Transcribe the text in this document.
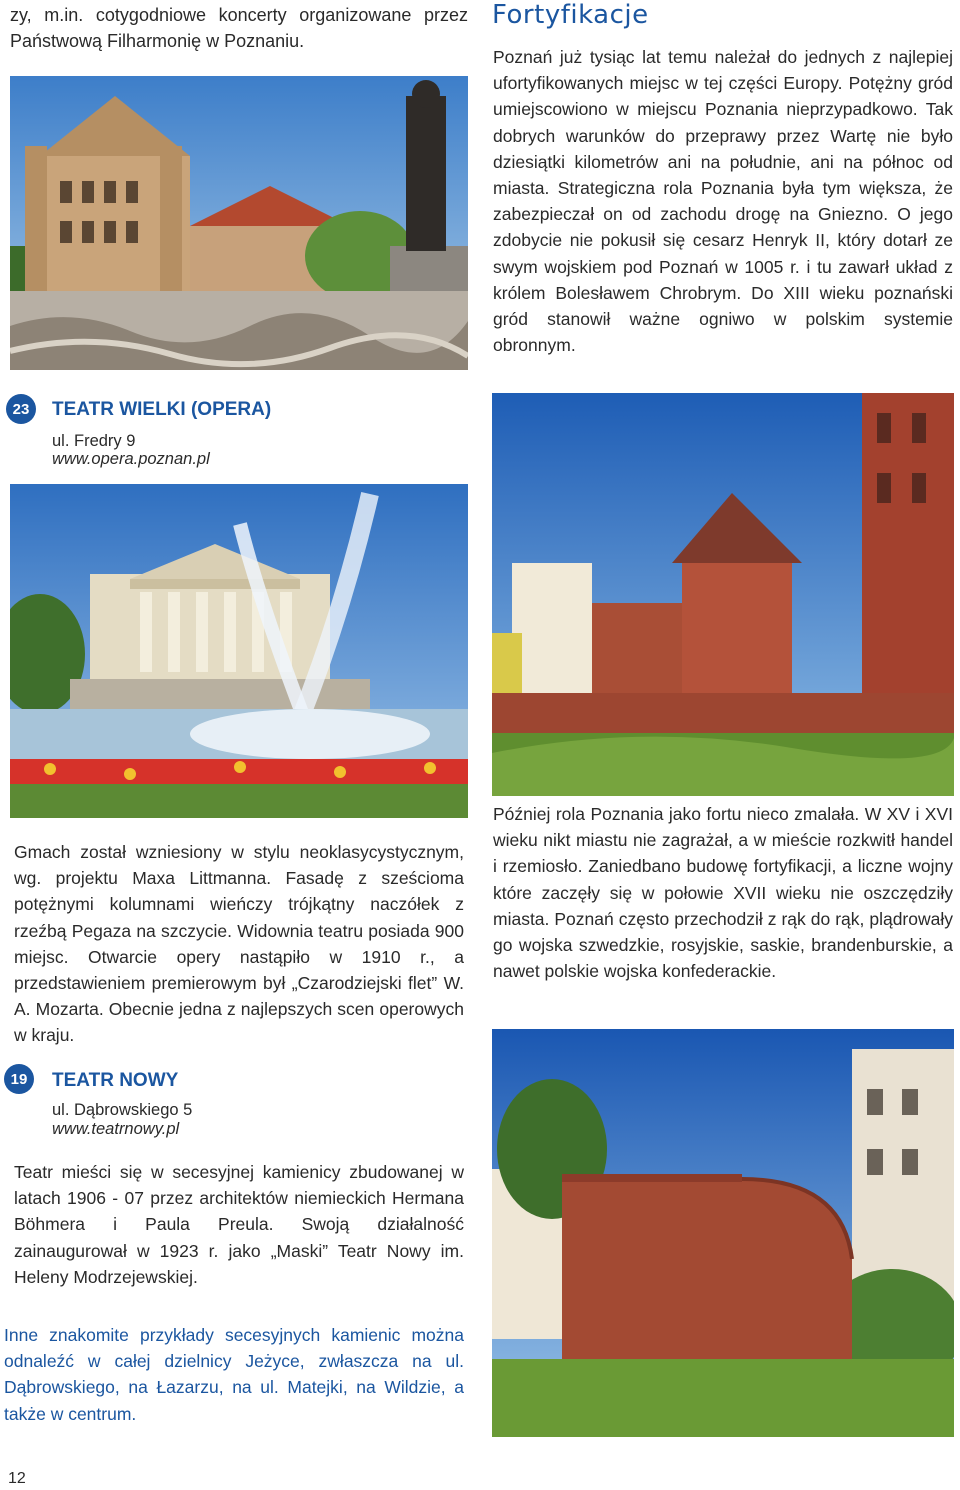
zy, m.in. cotygodniowe koncerty organizowane przez Państwową Filharmonię w Poznaniu.

Fortyfikacje

Poznań już tysiąc lat temu należał do jednych z najlepiej ufortyfikowanych miejsc w tej części Europy. Potężny gród umiejscowiono w miejscu Poznania nieprzypadkowo. Tak dobrych warunków do przeprawy przez Wartę nie było dziesiątki kilometrów ani na południe, ani na północ od miasta. Strategiczna rola Poznania była tym większa, że zabezpieczał on od zachodu drogę na Gniezno. O jego zdobycie nie pokusił się cesarz Henryk II, który dotarł ze swym wojskiem pod Poznań w 1005 r. i tu zawarł układ z królem Bolesławem Chrobrym. Do XIII wieku poznański gród stanowił ważne ogniwo w polskim systemie obronnym.

23	TEATR WIELKI (OPERA)
ul. Fredry 9
www.opera.poznan.pl

Gmach został wzniesiony w stylu neoklasycystycznym, wg. projektu Maxa Littmanna. Fasadę z sześcioma potężnymi kolumnami wieńczy trójkątny naczółek z rzeźbą Pegaza na szczycie. Widownia teatru posiada 900 miejsc. Otwarcie opery nastąpiło w 1910 r., a przedstawieniem premierowym był „Czarodziejski flet” W. A. Mozarta. Obecnie jedna z najlepszych scen operowych w kraju.

Później rola Poznania jako fortu nieco zmalała. W XV i XVI wieku nikt miastu nie zagrażał, a w mieście rozkwitł handel i rzemiosło. Zaniedbano budowę fortyfikacji, a liczne wojny które zaczęły się w połowie XVII wieku nie oszczędziły miasta. Poznań często przechodził z rąk do rąk, plądrowały go wojska szwedzkie, rosyjskie, saskie, brandenburskie, a nawet polskie wojska konfederackie.

19	TEATR NOWY
ul. Dąbrowskiego 5
www.teatrnowy.pl

Teatr mieści się w secesyjnej kamienicy zbudowanej w latach 1906 - 07 przez architektów niemieckich Hermana Böhmera i Paula Preula. Swoją działalność zainaugurował w 1923 r. jako „Maski” Teatr Nowy im. Heleny Modrzejewskiej.

Inne znakomite przykłady secesyjnych kamienic można odnaleźć w całej dzielnicy Jeżyce, zwłaszcza na ul. Dąbrowskiego, na Łazarzu, na ul. Matejki, na Wildzie, a także w centrum.

12
